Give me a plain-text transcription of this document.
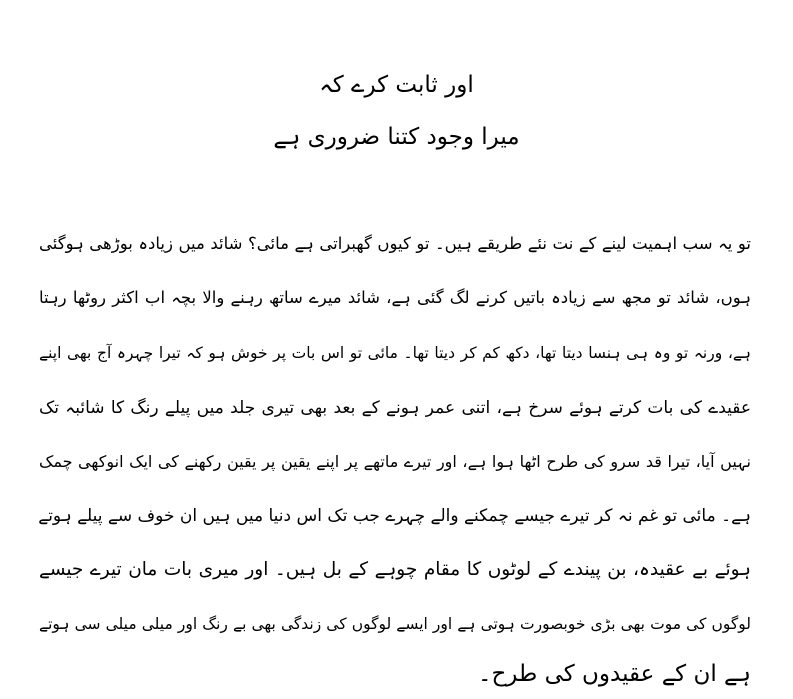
اور ثابت کرے کہ
میرا وجود کتنا ضروری ہے
تو یہ سب اہمیت لینے کے نت نئے طریقے ہیں۔ تو کیوں گھبراتی ہے مائی؟ شائد میں زیادہ بوڑھی ہوگئی
ہوں، شائد تو مجھ سے زیادہ باتیں کرنے لگ گئی ہے، شائد میرے ساتھ رہنے والا بچہ اب اکثر روٹھا رہتا
ہے، ورنہ تو وہ ہی ہنسا دیتا تھا، دکھ کم کر دیتا تھا۔ مائی تو اس بات پر خوش ہو کہ تیرا چہرہ آج بھی اپنے
عقیدے کی بات کرتے ہوئے سرخ ہے، اتنی عمر ہونے کے بعد بھی تیری جلد میں پیلے رنگ کا شائبہ تک
نہیں آیا، تیرا قد سرو کی طرح اٹھا ہوا ہے، اور تیرے ماتھے پر اپنے یقین پر یقین رکھنے کی ایک انوکھی چمک
ہے۔ مائی تو غم نہ کر تیرے جیسے چمکنے والے چہرے جب تک اس دنیا میں ہیں ان خوف سے پیلے ہوتے
ہوئے بے عقیدہ، بن پیندے کے لوٹوں کا مقام چوہے کے بل ہیں۔ اور میری بات مان تیرے جیسے
لوگوں کی موت بھی بڑی خوبصورت ہوتی ہے اور ایسے لوگوں کی زندگی بھی بے رنگ اور میلی میلی سی ہوتے
ہے ان کے عقیدوں کی طرح۔
